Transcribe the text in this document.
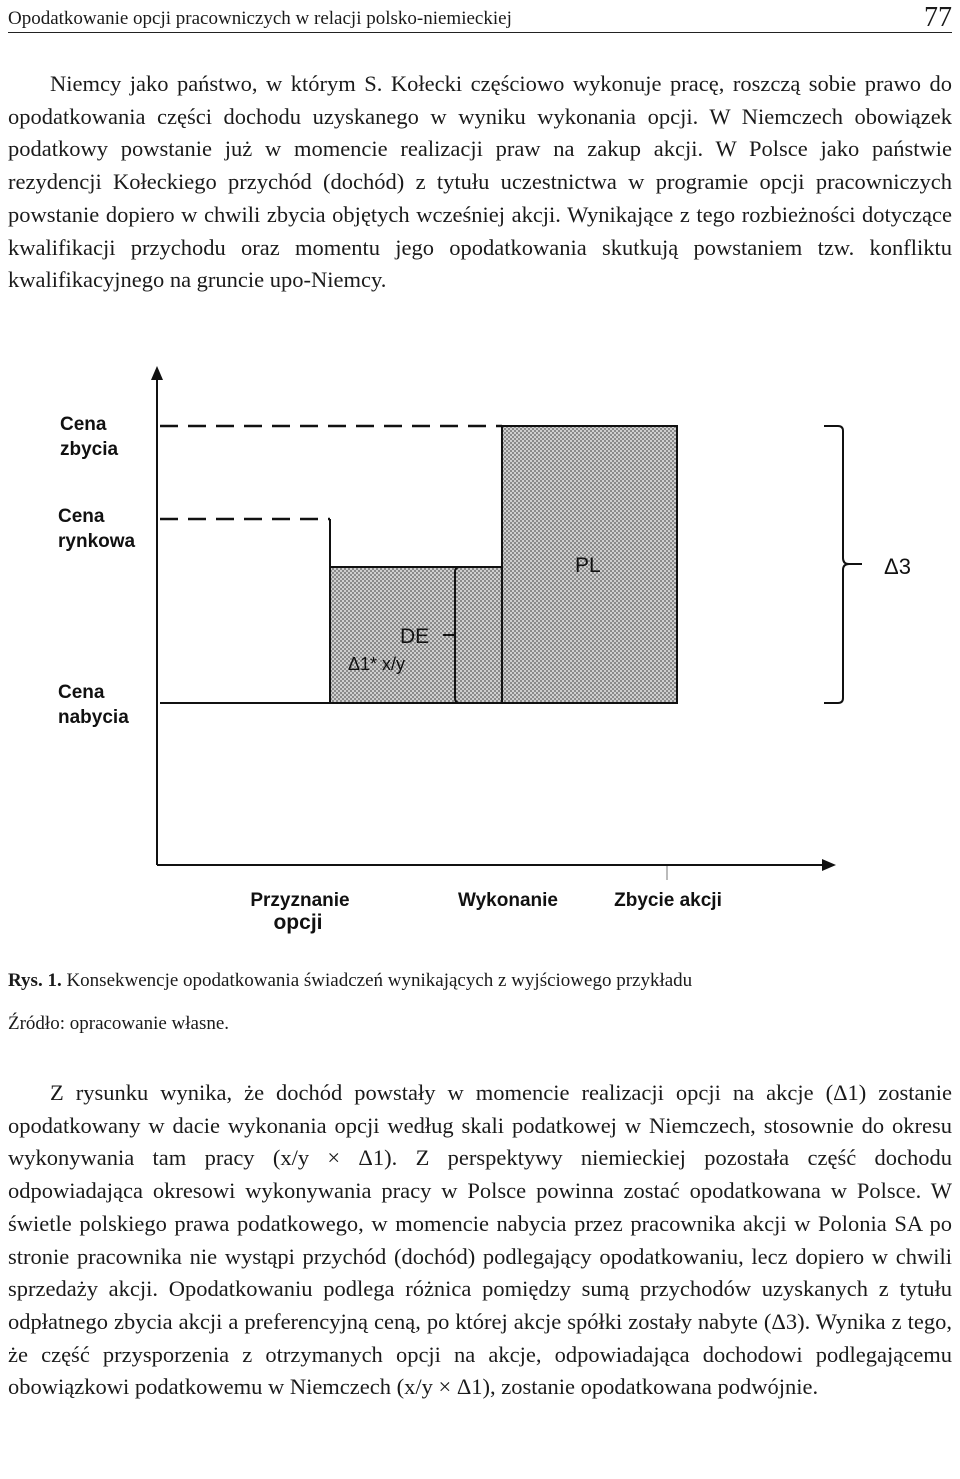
Opodatkowanie opcji pracowniczych w relacji polsko-niemieckiej	77

Niemcy jako państwo, w którym S. Kołecki częściowo wykonuje pracę, roszczą sobie prawo do opodatkowania części dochodu uzyskanego w wyniku wykonania opcji. W Niemczech obowiązek podatkowy powstanie już w momencie realizacji praw na zakup akcji. W Polsce jako państwie rezydencji Kołeckiego przychód (dochód) z tytułu uczestnictwa w programie opcji pracowniczych powstanie dopiero w chwili zbycia objętych wcześniej akcji. Wynikające z tego rozbieżności dotyczące kwalifikacji przychodu oraz momentu jego opodatkowania skutkują powstaniem tzw. konfliktu kwalifikacyjnego na gruncie upo-Niemcy.

Cena
zbycia
Cena
rynkowa
Cena
nabycia
PL
DE
Δ1* x/y
Δ3
Przyznanie
opcji
Wykonanie	Zbycie akcji
Rys. 1. Konsekwencje opodatkowania świadczeń wynikających z wyjściowego przykładu
Źródło: opracowanie własne.

Z rysunku wynika, że dochód powstały w momencie realizacji opcji na akcje (Δ1) zostanie opodatkowany w dacie wykonania opcji według skali podatkowej w Niemczech, stosownie do okresu wykonywania tam pracy (x/y × Δ1). Z perspektywy niemieckiej pozostała część dochodu odpowiadająca okresowi wykonywania pracy w Polsce powinna zostać opodatkowana w Polsce. W świetle polskiego prawa podatkowego, w momencie nabycia przez pracownika akcji w Polonia SA po stronie pracownika nie wystąpi przychód (dochód) podlegający opodatkowaniu, lecz dopiero w chwili sprzedaży akcji. Opodatkowaniu podlega różnica pomiędzy sumą przychodów uzyskanych z tytułu odpłatnego zbycia akcji a preferencyjną ceną, po której akcje spółki zostały nabyte (Δ3). Wynika z tego, że część przysporzenia z otrzymanych opcji na akcje, odpowiadająca dochodowi podlegającemu obowiązkowi podatkowemu w Niemczech (x/y × Δ1), zostanie opodatkowana podwójnie.
